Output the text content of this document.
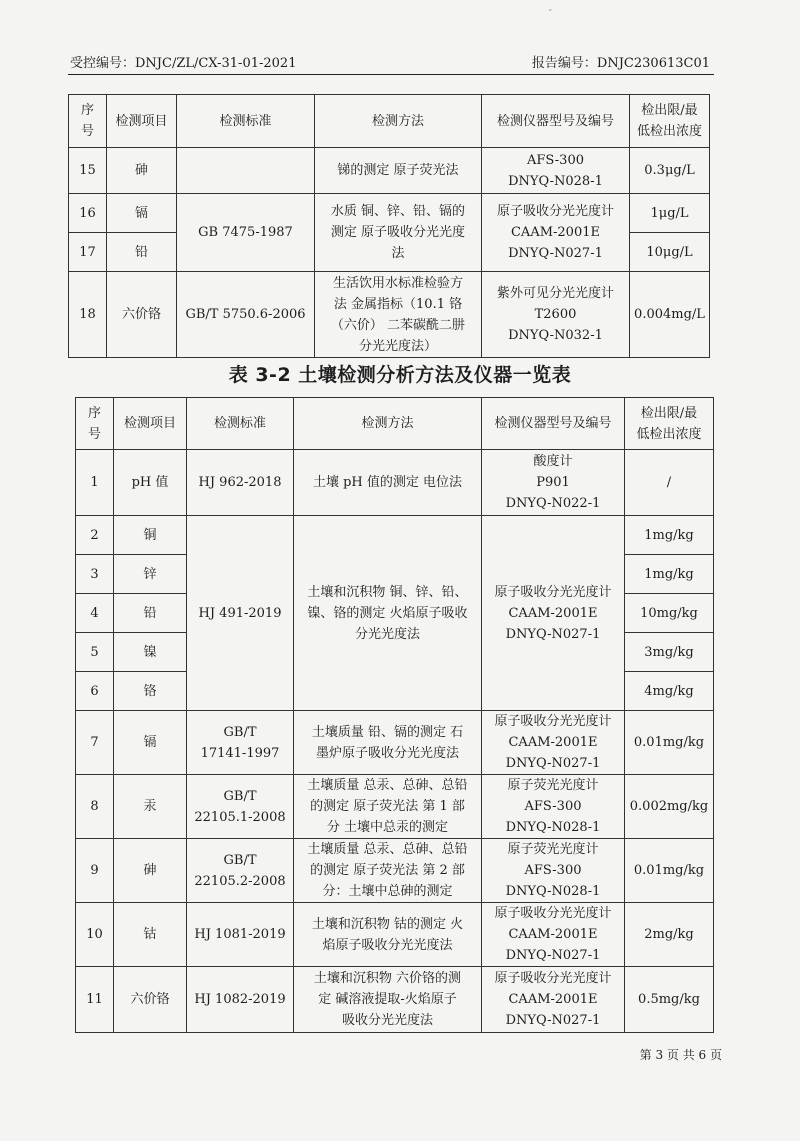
ˇ
受控编号：DNJC/ZL/CX-31-01-2021	报告编号：DNJC230613C01
序
号	检测项目	检测标准	检测方法	检测仪器型号及编号	检出限/最
低检出浓度
15	砷		锑的测定 原子荧光法	AFS-300
DNYQ-N028-1	0.3μg/L
16	镉	GB 7475-1987	水质 铜、锌、铅、镉的
测定 原子吸收分光光度
法	原子吸收分光光度计
CAAM-2001E
DNYQ-N027-1	1μg/L
17	铅				10μg/L
18	六价铬	GB/T 5750.6-2006	生活饮用水标准检验方
法 金属指标（10.1 铬
（六价） 二苯碳酰二肼
分光光度法）	紫外可见分光光度计
T2600
DNYQ-N032-1	0.004mg/L
表 3-2 土壤检测分析方法及仪器一览表
序
号	检测项目	检测标准	检测方法	检测仪器型号及编号	检出限/最
低检出浓度
1	pH 值	HJ 962-2018	土壤 pH 值的测定 电位法	酸度计
P901
DNYQ-N022-1	/
2	铜	HJ 491-2019	土壤和沉积物 铜、锌、铅、
镍、铬的测定 火焰原子吸收
分光光度法	原子吸收分光光度计
CAAM-2001E
DNYQ-N027-1	1mg/kg
3	锌				1mg/kg
4	铅				10mg/kg
5	镍				3mg/kg
6	铬				4mg/kg
7	镉	GB/T
17141-1997	土壤质量 铅、镉的测定 石
墨炉原子吸收分光光度法	原子吸收分光光度计
CAAM-2001E
DNYQ-N027-1	0.01mg/kg
8	汞	GB/T
22105.1-2008	土壤质量 总汞、总砷、总铅
的测定 原子荧光法 第 1 部
分 土壤中总汞的测定	原子荧光光度计
AFS-300
DNYQ-N028-1	0.002mg/kg
9	砷	GB/T
22105.2-2008	土壤质量 总汞、总砷、总铅
的测定 原子荧光法 第 2 部
分：土壤中总砷的测定	原子荧光光度计
AFS-300
DNYQ-N028-1	0.01mg/kg
10	钴	HJ 1081-2019	土壤和沉积物 钴的测定 火
焰原子吸收分光光度法	原子吸收分光光度计
CAAM-2001E
DNYQ-N027-1	2mg/kg
11	六价铬	HJ 1082-2019	土壤和沉积物 六价铬的测
定 碱溶液提取-火焰原子
吸收分光光度法	原子吸收分光光度计
CAAM-2001E
DNYQ-N027-1	0.5mg/kg
第 3 页 共 6 页
